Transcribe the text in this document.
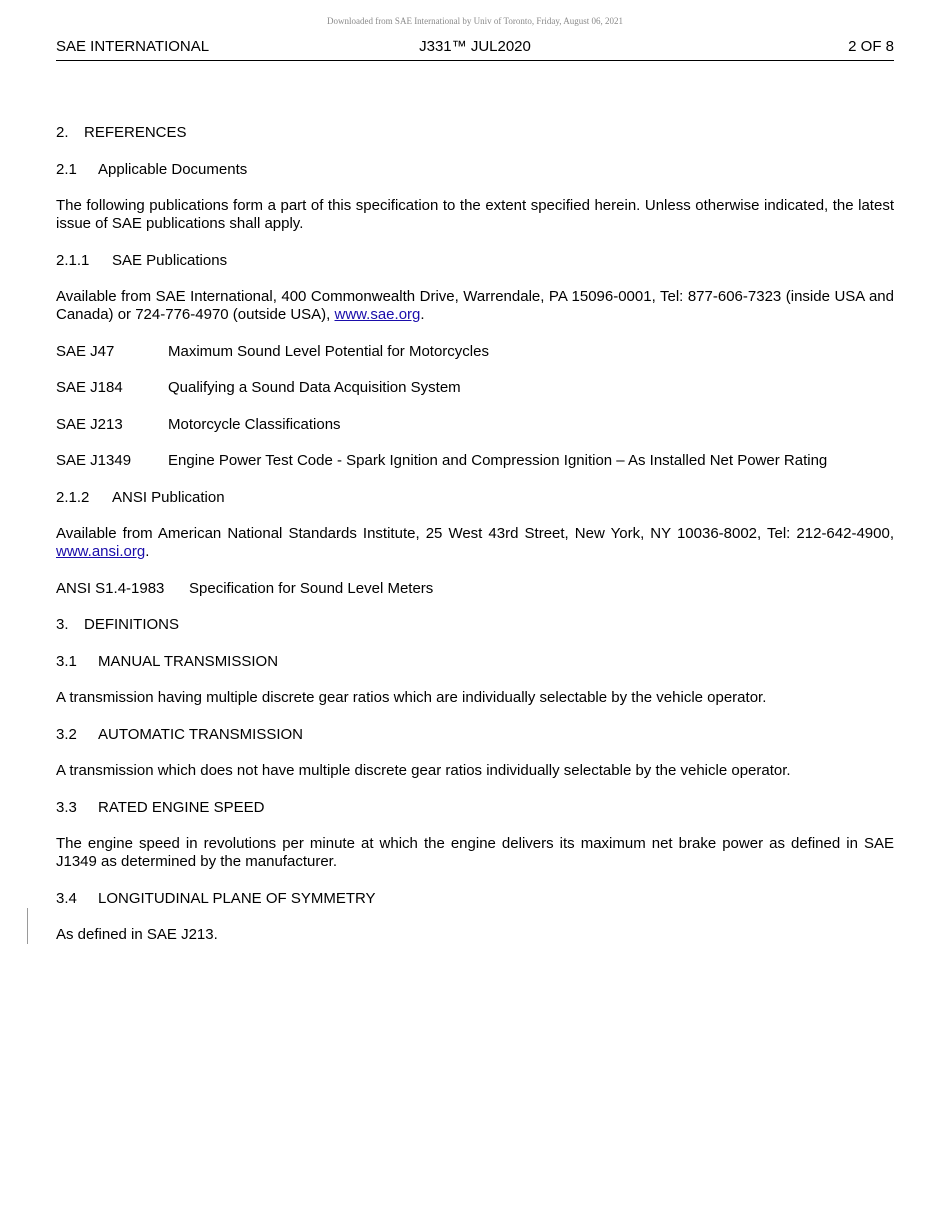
Downloaded from SAE International by Univ of Toronto, Friday, August 06, 2021
SAE INTERNATIONAL	J331™ JUL2020	2 OF 8
2. REFERENCES
2.1 Applicable Documents
The following publications form a part of this specification to the extent specified herein. Unless otherwise indicated, the latest issue of SAE publications shall apply.
2.1.1 SAE Publications
Available from SAE International, 400 Commonwealth Drive, Warrendale, PA 15096-0001, Tel: 877-606-7323 (inside USA and Canada) or 724-776-4970 (outside USA), www.sae.org.
SAE J47	Maximum Sound Level Potential for Motorcycles
SAE J184	Qualifying a Sound Data Acquisition System
SAE J213	Motorcycle Classifications
SAE J1349	Engine Power Test Code - Spark Ignition and Compression Ignition – As Installed Net Power Rating
2.1.2 ANSI Publication
Available from American National Standards Institute, 25 West 43rd Street, New York, NY 10036-8002, Tel: 212-642-4900, www.ansi.org.
ANSI S1.4-1983	Specification for Sound Level Meters
3. DEFINITIONS
3.1 MANUAL TRANSMISSION
A transmission having multiple discrete gear ratios which are individually selectable by the vehicle operator.
3.2 AUTOMATIC TRANSMISSION
A transmission which does not have multiple discrete gear ratios individually selectable by the vehicle operator.
3.3 RATED ENGINE SPEED
The engine speed in revolutions per minute at which the engine delivers its maximum net brake power as defined in SAE J1349 as determined by the manufacturer.
3.4 LONGITUDINAL PLANE OF SYMMETRY
As defined in SAE J213.
